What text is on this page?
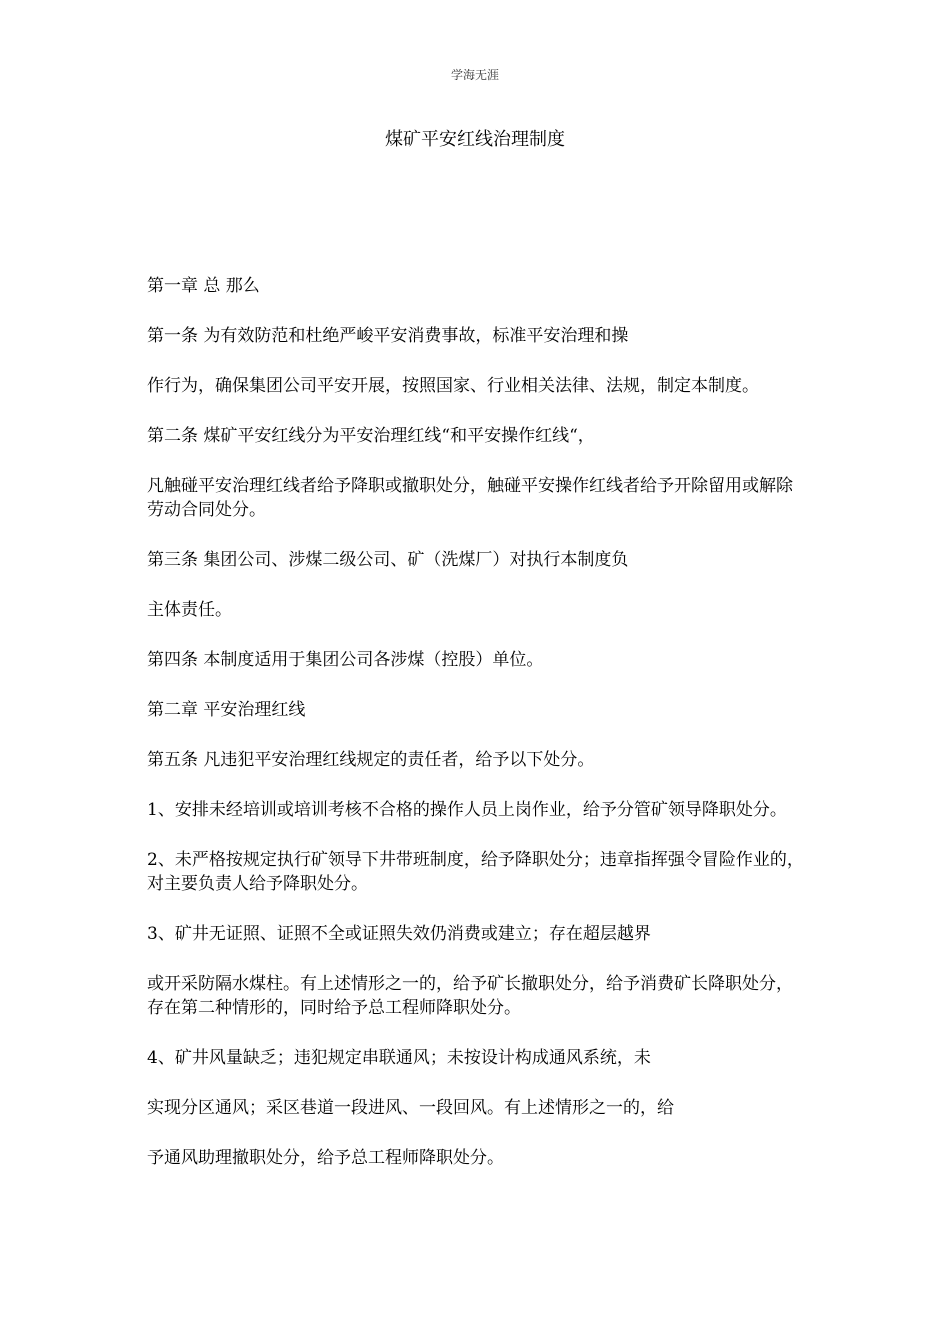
学海无涯
煤矿平安红线治理制度

第一章 总 那么

第一条 为有效防范和杜绝严峻平安消费事故，标准平安治理和操

作行为，确保集团公司平安开展，按照国家、行业相关法律、法规，制定本制度。

第二条 煤矿平安红线分为平安治理红线“和平安操作红线“，

凡触碰平安治理红线者给予降职或撤职处分，触碰平安操作红线者给予开除留用或解除劳动合同处分。

第三条 集团公司、涉煤二级公司、矿（洗煤厂）对执行本制度负

主体责任。

第四条 本制度适用于集团公司各涉煤（控股）单位。

第二章 平安治理红线

第五条 凡违犯平安治理红线规定的责任者，给予以下处分。

1、安排未经培训或培训考核不合格的操作人员上岗作业，给予分管矿领导降职处分。

2、未严格按规定执行矿领导下井带班制度，给予降职处分；违章指挥强令冒险作业的，对主要负责人给予降职处分。

3、矿井无证照、证照不全或证照失效仍消费或建立；存在超层越界

或开采防隔水煤柱。有上述情形之一的，给予矿长撤职处分，给予消费矿长降职处分，存在第二种情形的，同时给予总工程师降职处分。

4、矿井风量缺乏；违犯规定串联通风；未按设计构成通风系统，未

实现分区通风；采区巷道一段进风、一段回风。有上述情形之一的，给

予通风助理撤职处分，给予总工程师降职处分。
